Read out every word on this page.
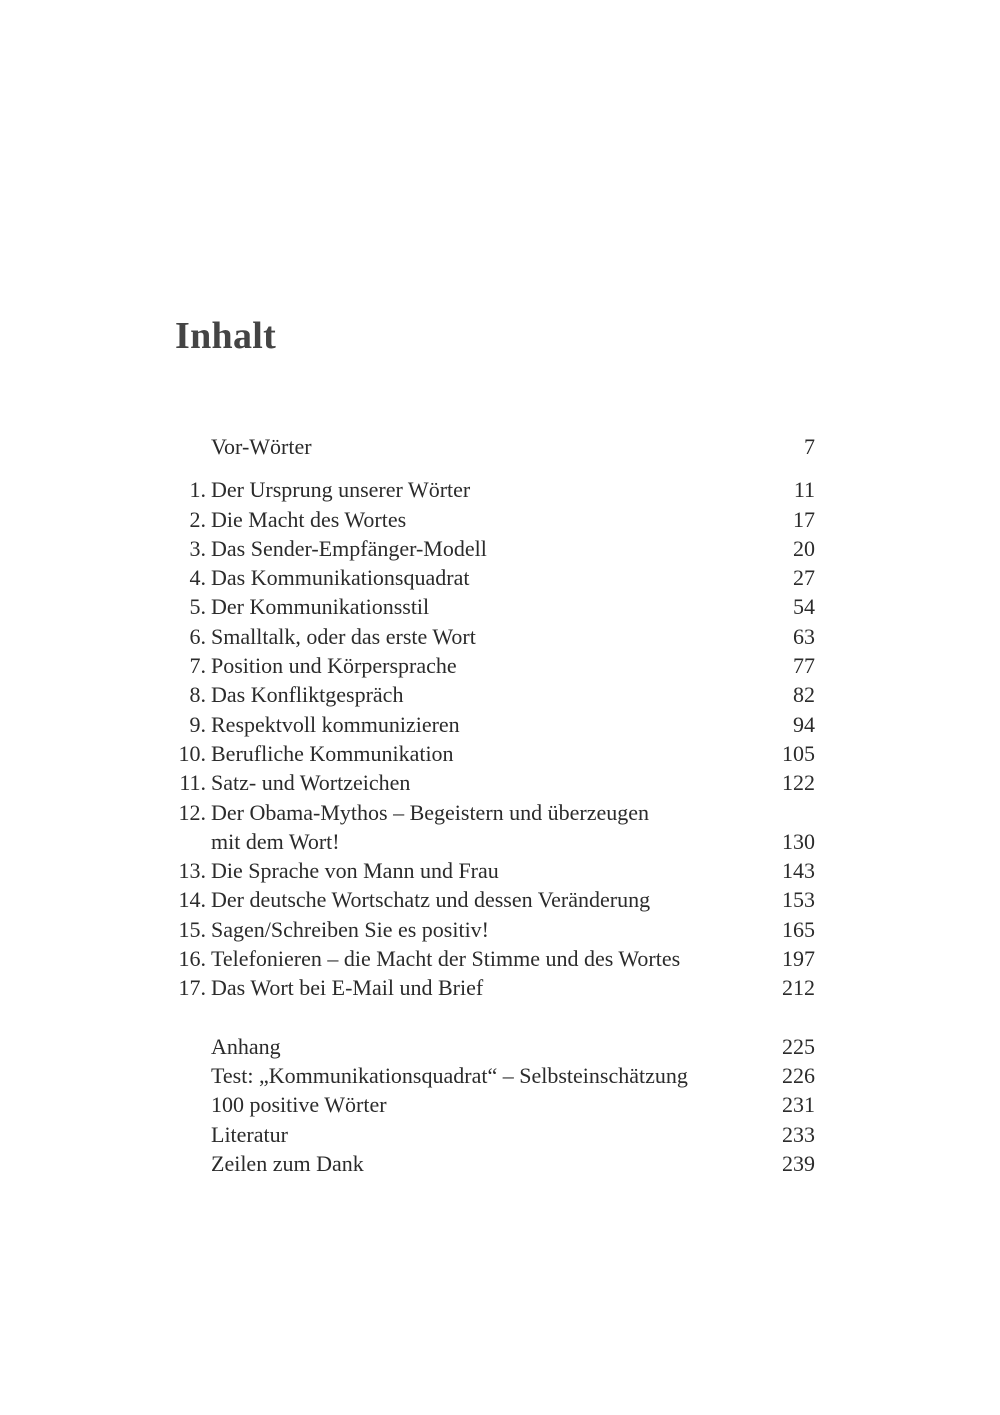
Inhalt
Vor-Wörter	7
1. Der Ursprung unserer Wörter	11
2. Die Macht des Wortes	17
3. Das Sender-Empfänger-Modell	20
4. Das Kommunikationsquadrat	27
5. Der Kommunikationsstil	54
6. Smalltalk, oder das erste Wort	63
7. Position und Körpersprache	77
8. Das Konfliktgespräch	82
9. Respektvoll kommunizieren	94
10. Berufliche Kommunikation	105
11. Satz- und Wortzeichen	122
12. Der Obama-Mythos – Begeistern und überzeugen
mit dem Wort!	130
13. Die Sprache von Mann und Frau	143
14. Der deutsche Wortschatz und dessen Veränderung	153
15. Sagen/Schreiben Sie es positiv!	165
16. Telefonieren – die Macht der Stimme und des Wortes	197
17. Das Wort bei E-Mail und Brief	212
Anhang	225
Test: „Kommunikationsquadrat“ – Selbsteinschätzung	226
100 positive Wörter	231
Literatur	233
Zeilen zum Dank	239
